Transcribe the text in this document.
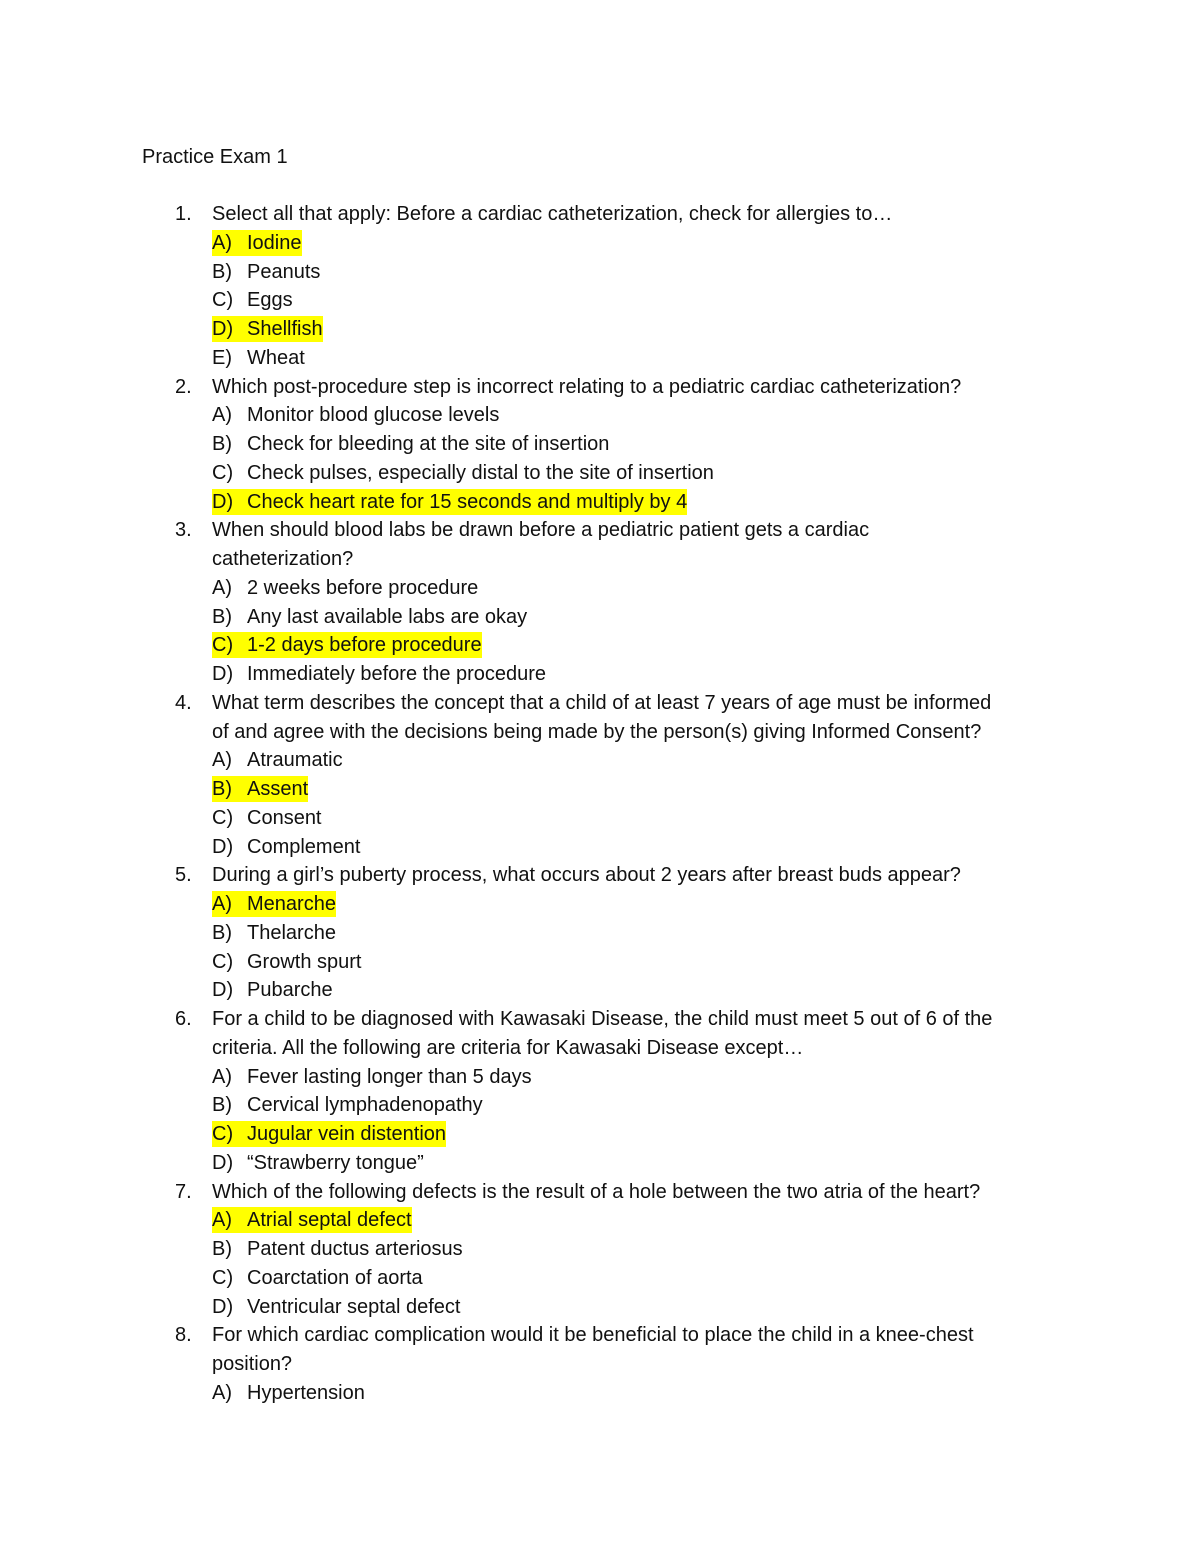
Practice Exam 1
1. Select all that apply: Before a cardiac catheterization, check for allergies to…
A) Iodine
B) Peanuts
C) Eggs
D) Shellfish
E) Wheat
2. Which post-procedure step is incorrect relating to a pediatric cardiac catheterization?
A) Monitor blood glucose levels
B) Check for bleeding at the site of insertion
C) Check pulses, especially distal to the site of insertion
D) Check heart rate for 15 seconds and multiply by 4
3. When should blood labs be drawn before a pediatric patient gets a cardiac
catheterization?
A) 2 weeks before procedure
B) Any last available labs are okay
C) 1-2 days before procedure
D) Immediately before the procedure
4. What term describes the concept that a child of at least 7 years of age must be informed
of and agree with the decisions being made by the person(s) giving Informed Consent?
A) Atraumatic
B) Assent
C) Consent
D) Complement
5. During a girl’s puberty process, what occurs about 2 years after breast buds appear?
A) Menarche
B) Thelarche
C) Growth spurt
D) Pubarche
6. For a child to be diagnosed with Kawasaki Disease, the child must meet 5 out of 6 of the
criteria. All the following are criteria for Kawasaki Disease except…
A) Fever lasting longer than 5 days
B) Cervical lymphadenopathy
C) Jugular vein distention
D) “Strawberry tongue”
7. Which of the following defects is the result of a hole between the two atria of the heart?
A) Atrial septal defect
B) Patent ductus arteriosus
C) Coarctation of aorta
D) Ventricular septal defect
8. For which cardiac complication would it be beneficial to place the child in a knee-chest
position?
A) Hypertension
